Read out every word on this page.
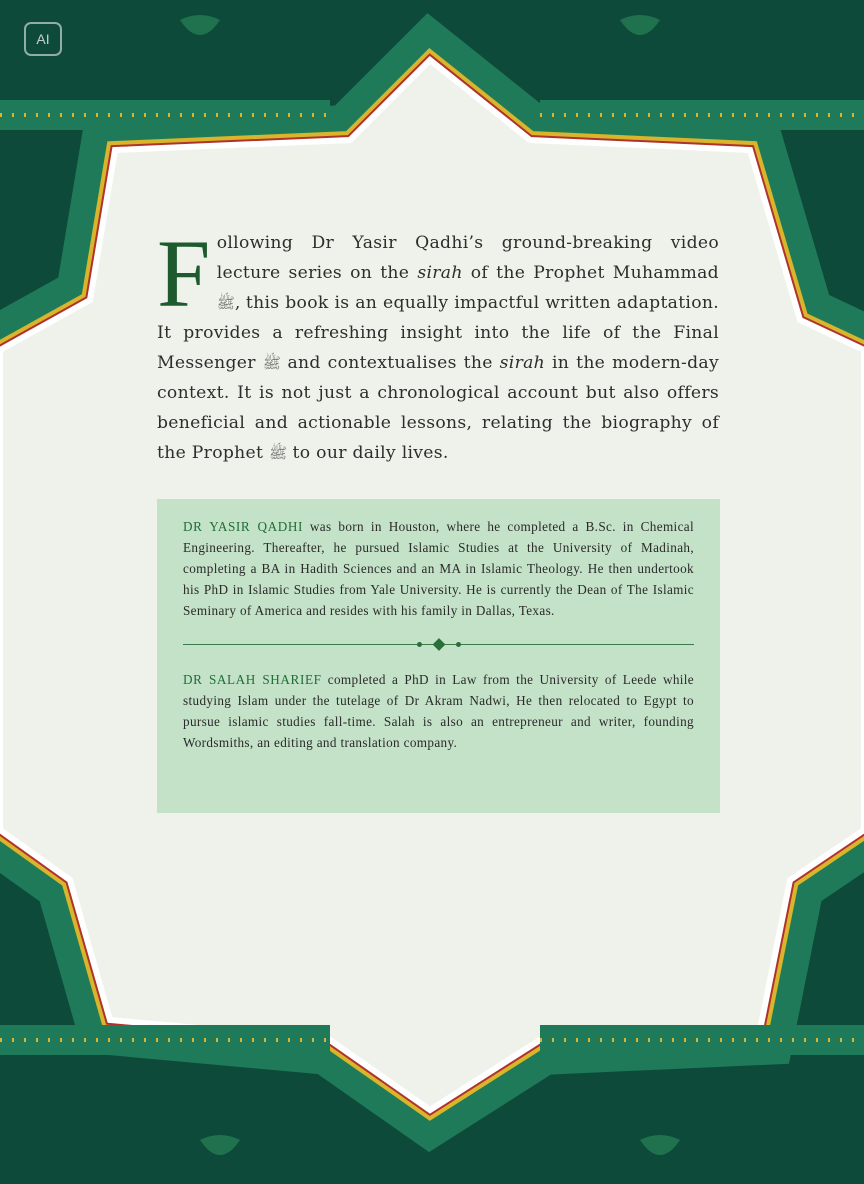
AI
Following Dr Yasir Qadhi’s ground-breaking video lecture series on the sirah of the Prophet Muhammad ﷺ, this book is an equally impactful written adaptation. It provides a refreshing insight into the life of the Final Messenger ﷺ and contextualises the sirah in the modern-day context. It is not just a chronological account but also offers beneficial and actionable lessons, relating the biography of the Prophet ﷺ to our daily lives.

DR YASIR QADHI was born in Houston, where he completed a B.Sc. in Chemical Engineering. Thereafter, he pursued Islamic Studies at the University of Madinah, completing a BA in Hadith Sciences and an MA in Islamic Theology. He then undertook his PhD in Islamic Studies from Yale University. He is currently the Dean of The Islamic Seminary of America and resides with his family in Dallas, Texas.

DR SALAH SHARIEF completed a PhD in Law from the University of Leede while studying Islam under the tutelage of Dr Akram Nadwi, He then relocated to Egypt to pursue islamic studies fall-time. Salah is also an entrepreneur and writer, founding Wordsmiths, an editing and translation company.
